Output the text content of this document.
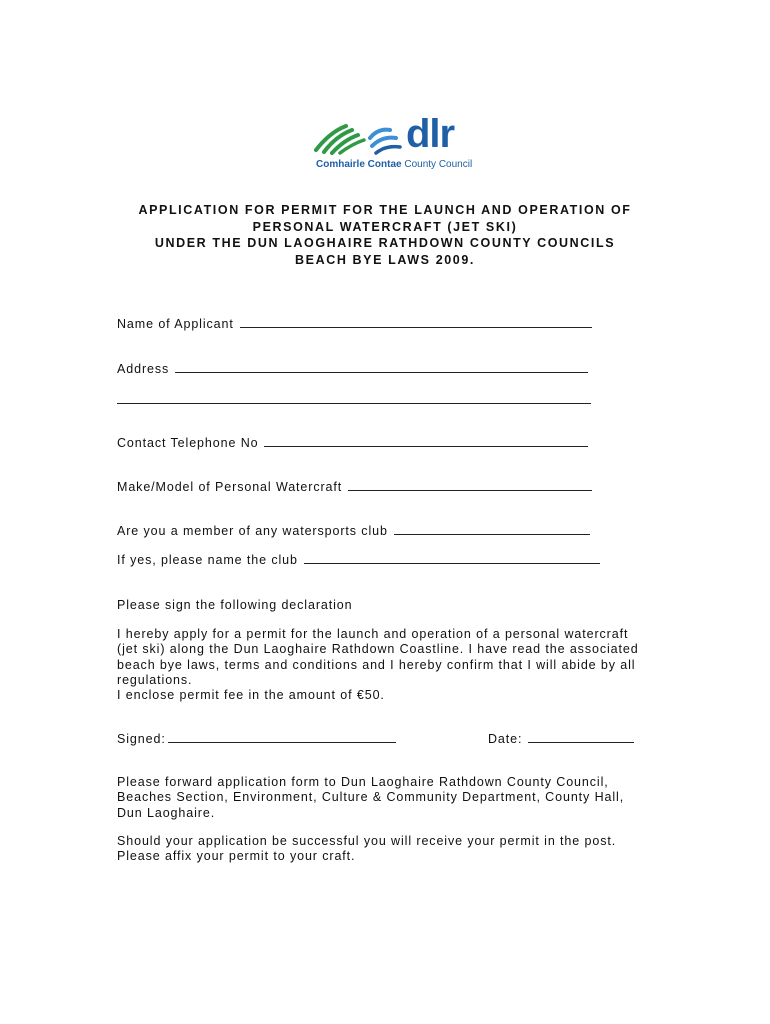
dlr
Comhairle Contae County Council
APPLICATION FOR PERMIT FOR THE LAUNCH AND OPERATION OF
PERSONAL WATERCRAFT (JET SKI)
UNDER THE DUN LAOGHAIRE RATHDOWN COUNTY COUNCILS
BEACH BYE LAWS 2009.
Name of Applicant
Address
Contact Telephone No
Make/Model of Personal Watercraft
Are you a member of any watersports club
If yes, please name the club
Please sign the following declaration
I hereby apply for a permit for the launch and operation of a personal watercraft
(jet ski) along the Dun Laoghaire Rathdown Coastline. I have read the associated
beach bye laws, terms and conditions and I hereby confirm that I will abide by all
regulations.
I enclose permit fee in the amount of €50.
Signed:	Date:
Please forward application form to Dun Laoghaire Rathdown County Council,
Beaches Section, Environment, Culture & Community Department, County Hall,
Dun Laoghaire.
Should your application be successful you will receive your permit in the post.
Please affix your permit to your craft.
